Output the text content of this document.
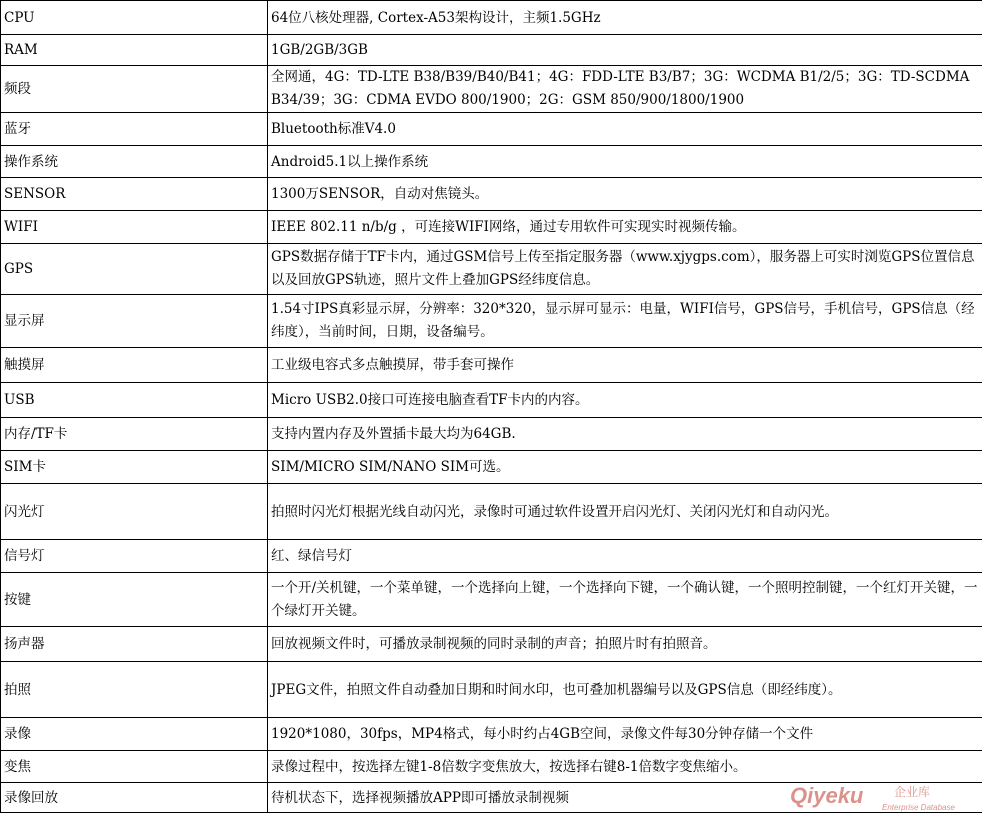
CPU	64位八核处理器, Cortex-A53架构设计，主频1.5GHz
RAM	1GB/2GB/3GB
频段	全网通，4G：TD-LTE B38/B39/B40/B41；4G：FDD-LTE B3/B7；3G：WCDMA B1/2/5；3G：TD-SCDMA B34/39；3G：CDMA EVDO 800/1900；2G：GSM 850/900/1800/1900
蓝牙	Bluetooth标准V4.0
操作系统	Android5.1以上操作系统
SENSOR	1300万SENSOR，自动对焦镜头。
WIFI	IEEE 802.11 n/b/g ，可连接WIFI网络，通过专用软件可实现实时视频传输。
GPS	GPS数据存储于TF卡内，通过GSM信号上传至指定服务器（www.xjygps.com），服务器上可实时浏览GPS位置信息以及回放GPS轨迹，照片文件上叠加GPS经纬度信息。
显示屏	1.54寸IPS真彩显示屏，分辨率：320*320，显示屏可显示：电量，WIFI信号，GPS信号，手机信号，GPS信息（经纬度），当前时间，日期，设备编号。
触摸屏	工业级电容式多点触摸屏，带手套可操作
USB	Micro USB2.0接口可连接电脑查看TF卡内的内容。
内存/TF卡	支持内置内存及外置插卡最大均为64GB.
SIM卡	SIM/MICRO SIM/NANO SIM可选。
闪光灯	拍照时闪光灯根据光线自动闪光，录像时可通过软件设置开启闪光灯、关闭闪光灯和自动闪光。
信号灯	红、绿信号灯
按键	一个开/关机键，一个菜单键，一个选择向上键，一个选择向下键，一个确认键，一个照明控制键，一个红灯开关键，一个绿灯开关键。
扬声器	回放视频文件时，可播放录制视频的同时录制的声音；拍照片时有拍照音。
拍照	JPEG文件，拍照文件自动叠加日期和时间水印，也可叠加机器编号以及GPS信息（即经纬度）。
录像	1920*1080，30fps，MP4格式，每小时约占4GB空间，录像文件每30分钟存储一个文件
变焦	录像过程中，按选择左键1-8倍数字变焦放大，按选择右键8-1倍数字变焦缩小。
录像回放	待机状态下，选择视频播放APP即可播放录制视频	Qiyeku	企业库
Enterprise Database
